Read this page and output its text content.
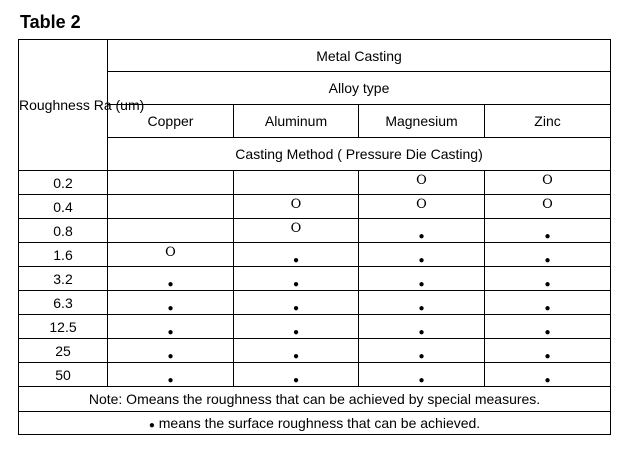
Table 2
Roughness Ra (um)	Metal Casting			
	Alloy type			
	Copper	Aluminum	Magnesium	Zinc
	Casting Method ( Pressure Die Casting)			
0.2			O	O
0.4		O	O	O
0.8		O	●	●
1.6	O	●	●	●
3.2	●	●	●	●
6.3	●	●	●	●
12.5	●	●	●	●
25	●	●	●	●
50	●	●	●	●
Note: Omeans the roughness that can be achieved by special measures.				
● means the surface roughness that can be achieved.				
